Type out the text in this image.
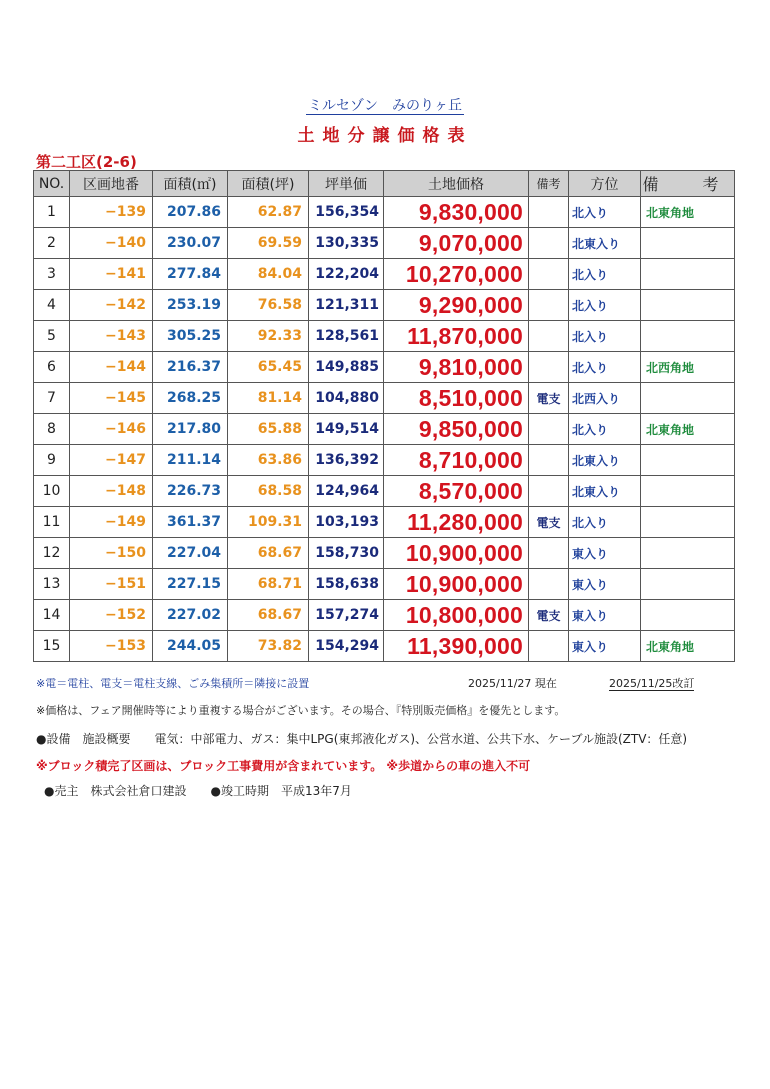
ミルセゾン　みのりヶ丘
土地分譲価格表
第二工区(2-6)
NO.	区画地番	面積(㎡)	面積(坪)	坪単価	土地価格	備考	方位	備　考
1	−139	207.86	62.87	156,354	9,830,000		北入り	北東角地
2	−140	230.07	69.59	130,335	9,070,000		北東入り	
3	−141	277.84	84.04	122,204	10,270,000		北入り	
4	−142	253.19	76.58	121,311	9,290,000		北入り	
5	−143	305.25	92.33	128,561	11,870,000		北入り	
6	−144	216.37	65.45	149,885	9,810,000		北入り	北西角地
7	−145	268.25	81.14	104,880	8,510,000	電支	北西入り	
8	−146	217.80	65.88	149,514	9,850,000		北入り	北東角地
9	−147	211.14	63.86	136,392	8,710,000		北東入り	
10	−148	226.73	68.58	124,964	8,570,000		北東入り	
11	−149	361.37	109.31	103,193	11,280,000	電支	北入り	
12	−150	227.04	68.67	158,730	10,900,000		東入り	
13	−151	227.15	68.71	158,638	10,900,000		東入り	
14	−152	227.02	68.67	157,274	10,800,000	電支	東入り	
15	−153	244.05	73.82	154,294	11,390,000		東入り	北東角地
※電＝電柱、電支＝電柱支線、ごみ集積所＝隣接に設置	2025/11/27 現在	2025/11/25改訂
※価格は、フェア開催時等により重複する場合がございます。その場合、『特別販売価格』を優先とします。
●設備　施設概要　　電気：中部電力、ガス：集中LPG(東邦液化ガス)、公営水道、公共下水、ケーブル施設(ZTV：任意)
※ブロック積完了区画は、ブロック工事費用が含まれています。 ※歩道からの車の進入不可
●売主　株式会社倉口建設　　●竣工時期　平成13年7月
